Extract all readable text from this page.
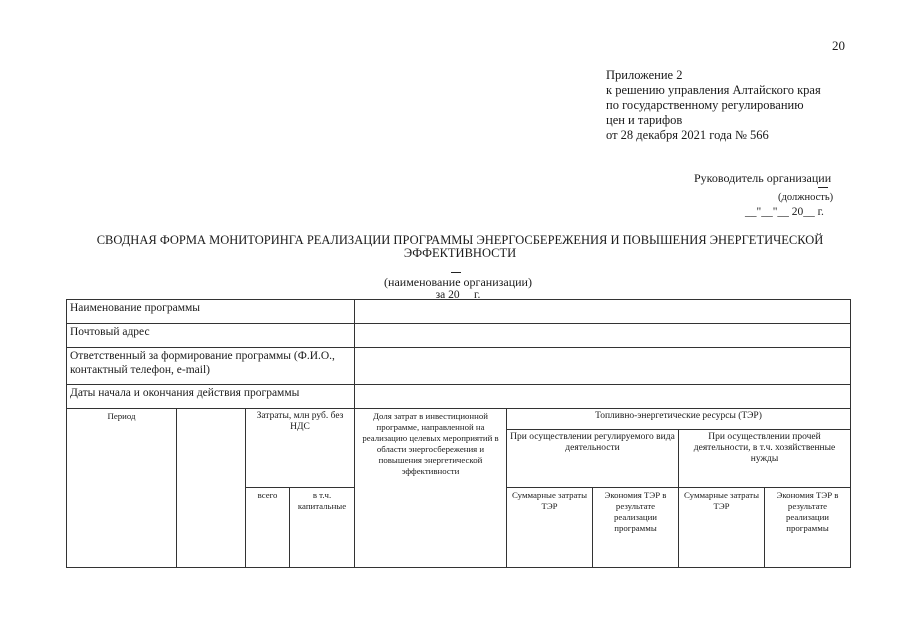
20
Приложение 2
к решению управления Алтайского края
по государственному регулированию
цен и тарифов
от 28 декабря 2021 года № 566
Руководитель организации
(должность)
__"__"__ 20__ г.
СВОДНАЯ ФОРМА МОНИТОРИНГА РЕАЛИЗАЦИИ ПРОГРАММЫ ЭНЕРГОСБЕРЕЖЕНИЯ И ПОВЫШЕНИЯ ЭНЕРГЕТИЧЕСКОЙ ЭФФЕКТИВНОСТИ
(наименование организации)
за 20__ г.
Наименование программы
Почтовый адрес
Ответственный за формирование программы (Ф.И.О., контактный телефон, e-mail)
Даты начала и окончания действия программы
Период	Затраты, млн руб. без НДС
всего	в т.ч. капитальные
Доля затрат в инвестиционной программе, направленной на реализацию целевых мероприятий в области энергосбережения и повышения энергетической эффективности
Топливно-энергетические ресурсы (ТЭР)
При осуществлении регулируемого вида деятельности
При осуществлении прочей деятельности, в т.ч. хозяйственные нужды
Суммарные затраты ТЭР
Экономия ТЭР в результате реализации программы
Суммарные затраты ТЭР
Экономия ТЭР в результате реализации программы
